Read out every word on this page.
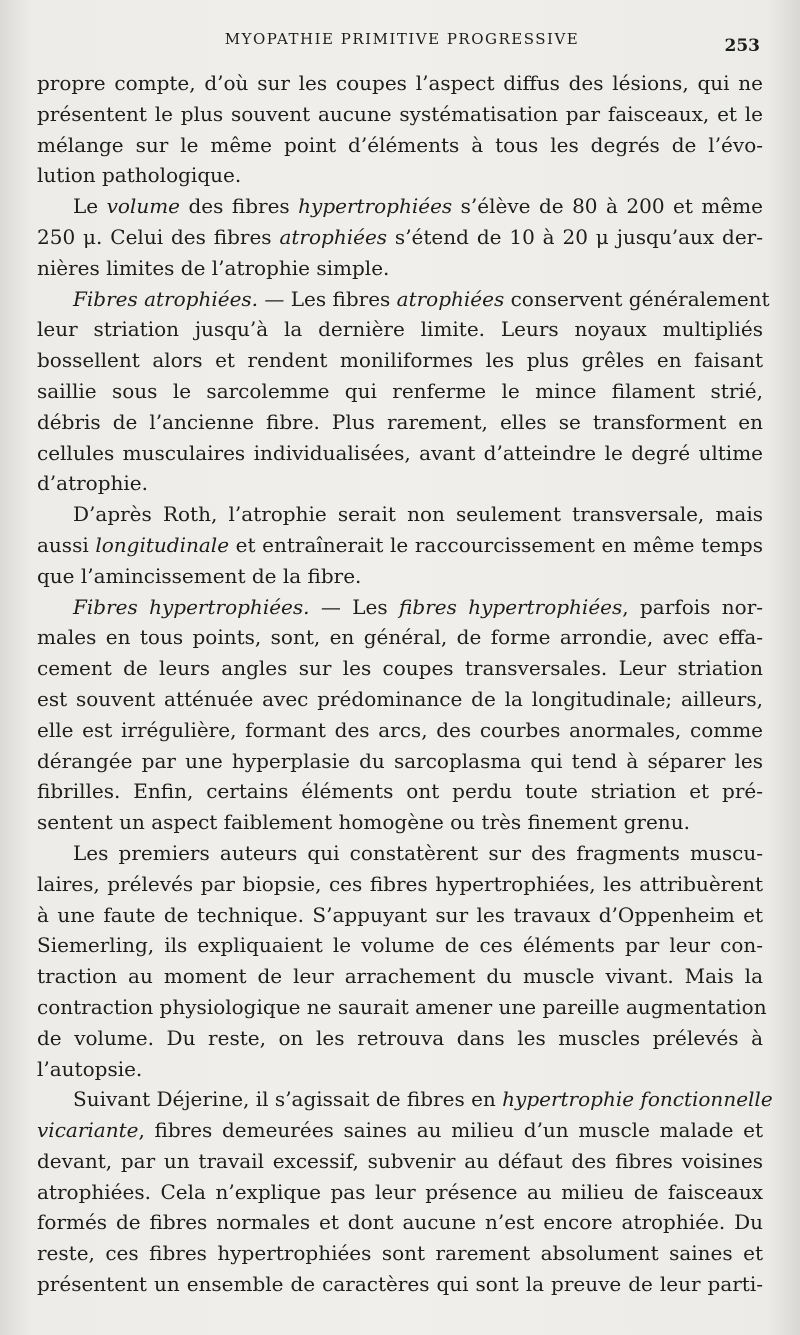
MYOPATHIE PRIMITIVE PROGRESSIVE	253
propre compte, d’où sur les coupes l’aspect diffus des lésions, qui ne
présentent le plus souvent aucune systématisation par faisceaux, et le
mélange sur le même point d’éléments à tous les degrés de l’évo-
lution pathologique.
Le volume des fibres hypertrophiées s’élève de 80 à 200 et même
250 μ. Celui des fibres atrophiées s’étend de 10 à 20 μ jusqu’aux der-
nières limites de l’atrophie simple.
Fibres atrophiées. — Les fibres atrophiées conservent généralement
leur striation jusqu’à la dernière limite. Leurs noyaux multipliés
bossellent alors et rendent moniliformes les plus grêles en faisant
saillie sous le sarcolemme qui renferme le mince filament strié,
débris de l’ancienne fibre. Plus rarement, elles se transforment en
cellules musculaires individualisées, avant d’atteindre le degré ultime
d’atrophie.
D’après Roth, l’atrophie serait non seulement transversale, mais
aussi longitudinale et entraînerait le raccourcissement en même temps
que l’amincissement de la fibre.
Fibres hypertrophiées. — Les fibres hypertrophiées, parfois nor-
males en tous points, sont, en général, de forme arrondie, avec effa-
cement de leurs angles sur les coupes transversales. Leur striation
est souvent atténuée avec prédominance de la longitudinale; ailleurs,
elle est irrégulière, formant des arcs, des courbes anormales, comme
dérangée par une hyperplasie du sarcoplasma qui tend à séparer les
fibrilles. Enfin, certains éléments ont perdu toute striation et pré-
sentent un aspect faiblement homogène ou très finement grenu.
Les premiers auteurs qui constatèrent sur des fragments muscu-
laires, prélevés par biopsie, ces fibres hypertrophiées, les attribuèrent
à une faute de technique. S’appuyant sur les travaux d’Oppenheim et
Siemerling, ils expliquaient le volume de ces éléments par leur con-
traction au moment de leur arrachement du muscle vivant. Mais la
contraction physiologique ne saurait amener une pareille augmentation
de volume. Du reste, on les retrouva dans les muscles prélevés à
l’autopsie.
Suivant Déjerine, il s’agissait de fibres en hypertrophie fonctionnelle
vicariante, fibres demeurées saines au milieu d’un muscle malade et
devant, par un travail excessif, subvenir au défaut des fibres voisines
atrophiées. Cela n’explique pas leur présence au milieu de faisceaux
formés de fibres normales et dont aucune n’est encore atrophiée. Du
reste, ces fibres hypertrophiées sont rarement absolument saines et
présentent un ensemble de caractères qui sont la preuve de leur parti-
